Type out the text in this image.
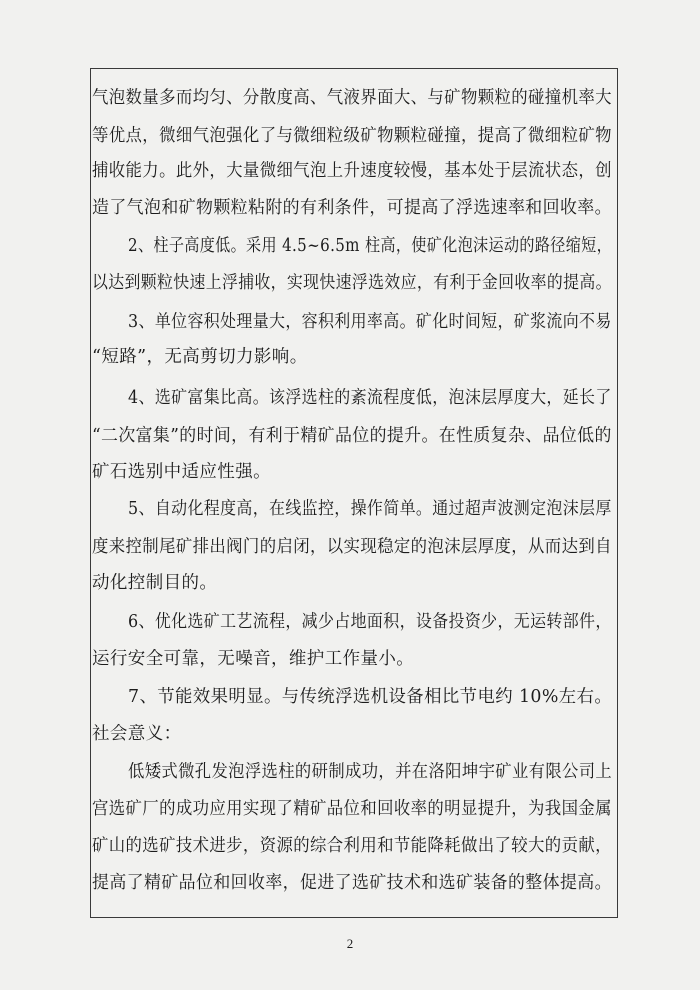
气泡数量多而均匀、分散度高、气液界面大、与矿物颗粒的碰撞机率大
等优点，微细气泡强化了与微细粒级矿物颗粒碰撞，提高了微细粒矿物
捕收能力。此外，大量微细气泡上升速度较慢，基本处于层流状态，创
造了气泡和矿物颗粒粘附的有利条件，可提高了浮选速率和回收率。
2、柱子高度低。采用 4.5~6.5m 柱高，使矿化泡沫运动的路径缩短，
以达到颗粒快速上浮捕收，实现快速浮选效应，有利于金回收率的提高。
3、单位容积处理量大，容积利用率高。矿化时间短，矿浆流向不易
“短路”，无高剪切力影响。
4、选矿富集比高。该浮选柱的紊流程度低，泡沫层厚度大，延长了
“二次富集”的时间，有利于精矿品位的提升。在性质复杂、品位低的
矿石选别中适应性强。
5、自动化程度高，在线监控，操作简单。通过超声波测定泡沫层厚
度来控制尾矿排出阀门的启闭，以实现稳定的泡沫层厚度，从而达到自
动化控制目的。
6、优化选矿工艺流程，减少占地面积，设备投资少，无运转部件，
运行安全可靠，无噪音，维护工作量小。
7、节能效果明显。与传统浮选机设备相比节电约 10%左右。
社会意义：
低矮式微孔发泡浮选柱的研制成功，并在洛阳坤宇矿业有限公司上
宫选矿厂的成功应用实现了精矿品位和回收率的明显提升，为我国金属
矿山的选矿技术进步，资源的综合利用和节能降耗做出了较大的贡献，
提高了精矿品位和回收率，促进了选矿技术和选矿装备的整体提高。
2
